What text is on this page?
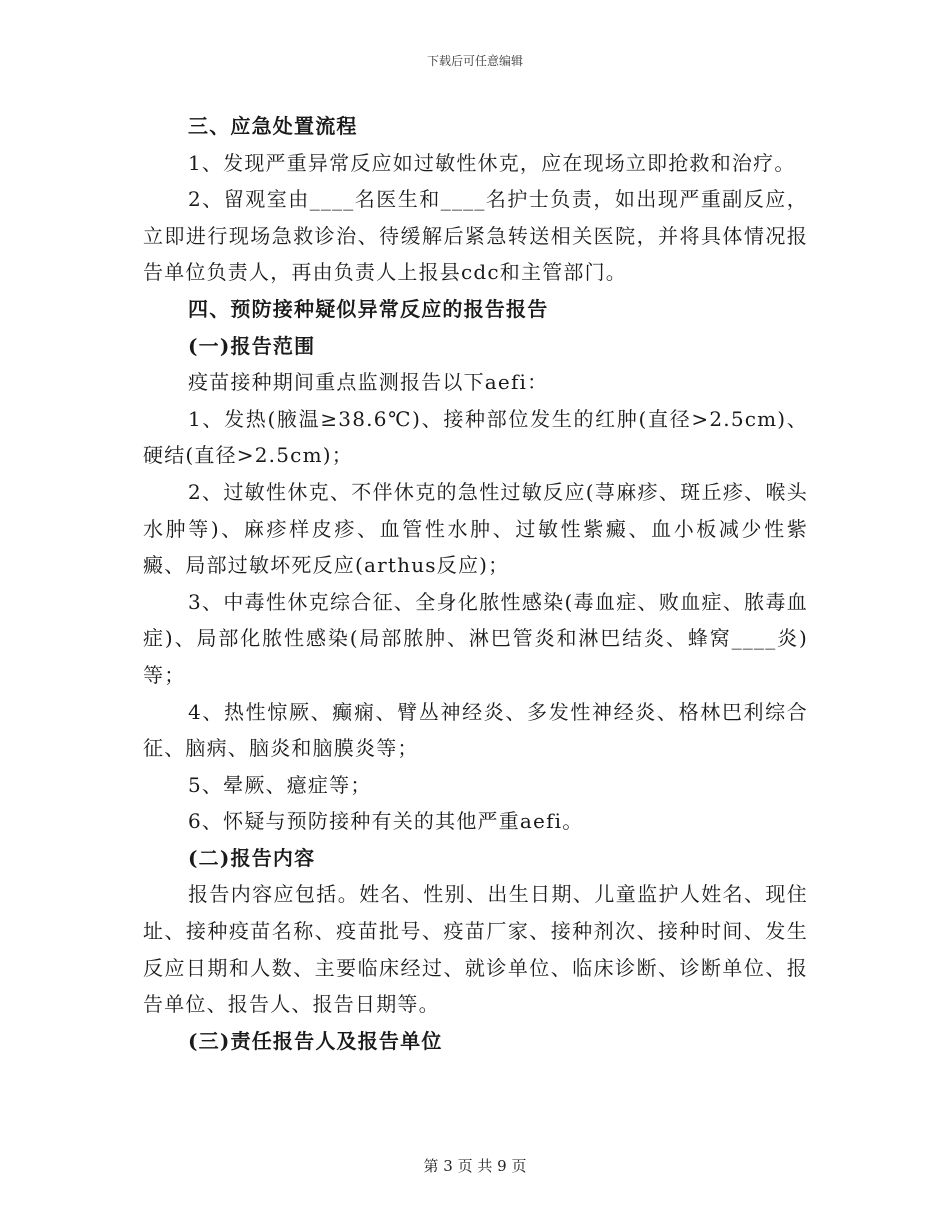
下载后可任意编辑

三、应急处置流程

1、发现严重异常反应如过敏性休克，应在现场立即抢救和治疗。

2、留观室由____名医生和____名护士负责，如出现严重副反应，立即进行现场急救诊治、待缓解后紧急转送相关医院，并将具体情况报告单位负责人，再由负责人上报县cdc和主管部门。

四、预防接种疑似异常反应的报告报告

(一)报告范围

疫苗接种期间重点监测报告以下aefi：

1、发热(腋温≥38.6℃)、接种部位发生的红肿(直径>2.5cm)、硬结(直径>2.5cm)；

2、过敏性休克、不伴休克的急性过敏反应(荨麻疹、斑丘疹、喉头水肿等)、麻疹样皮疹、血管性水肿、过敏性紫癜、血小板减少性紫癜、局部过敏坏死反应(arthus反应)；

3、中毒性休克综合征、全身化脓性感染(毒血症、败血症、脓毒血症)、局部化脓性感染(局部脓肿、淋巴管炎和淋巴结炎、蜂窝____炎)等；

4、热性惊厥、癫痫、臂丛神经炎、多发性神经炎、格林巴利综合征、脑病、脑炎和脑膜炎等；

5、晕厥、癔症等；

6、怀疑与预防接种有关的其他严重aefi。

(二)报告内容

报告内容应包括。姓名、性别、出生日期、儿童监护人姓名、现住址、接种疫苗名称、疫苗批号、疫苗厂家、接种剂次、接种时间、发生反应日期和人数、主要临床经过、就诊单位、临床诊断、诊断单位、报告单位、报告人、报告日期等。

(三)责任报告人及报告单位

第 3 页 共 9 页
